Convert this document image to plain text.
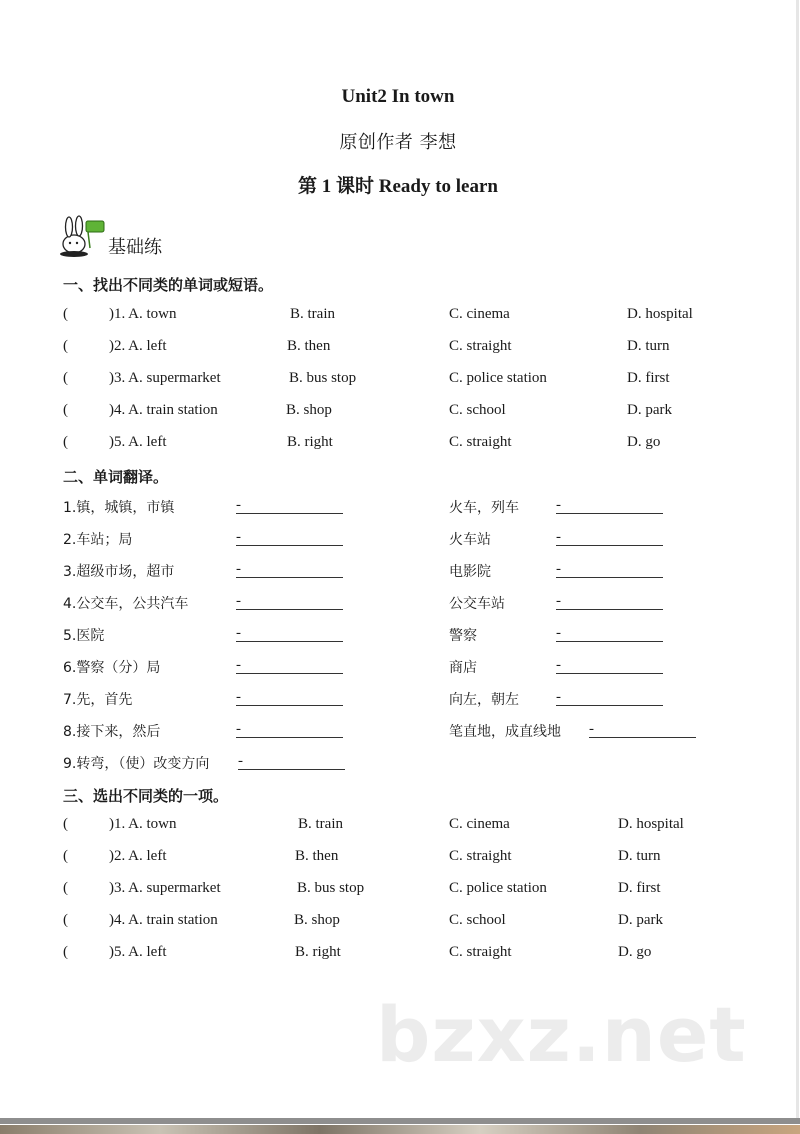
Unit2 In town
原创作者 李想
第 1 课时 Ready to learn
基础练
一、找出不同类的单词或短语。
(	)1. A. town	B. train	C. cinema	D. hospital
(	)2. A. left	B. then	C. straight	D. turn
(	)3. A. supermarket	B. bus stop	C. police station	D. first
(	)4. A. train station	B. shop	C. school	D. park
(	)5. A. left	B. right	C. straight	D. go
二、单词翻译。
1.镇，城镇，市镇	-	火车，列车 -
2.车站；局	-	火车站	-
3.超级市场，超市	-	电影院	-
4.公交车，公共汽车	-	公交车站	-
5.医院	-	警察	-
6.警察（分）局	-	商店	-
7.先，首先	-	向左，朝左 -
8.接下来，然后	-	笔直地，成直线地 -
9.转弯，（使）改变方向 -
三、选出不同类的一项。
(	)1. A. town	B. train	C. cinema	D. hospital
(	)2. A. left	B. then	C. straight	D. turn
(	)3. A. supermarket	B. bus stop	C. police station	D. first
(	)4. A. train station	B. shop	C. school	D. park
(	)5. A. left	B. right	C. straight	D. go
bzxz.net
